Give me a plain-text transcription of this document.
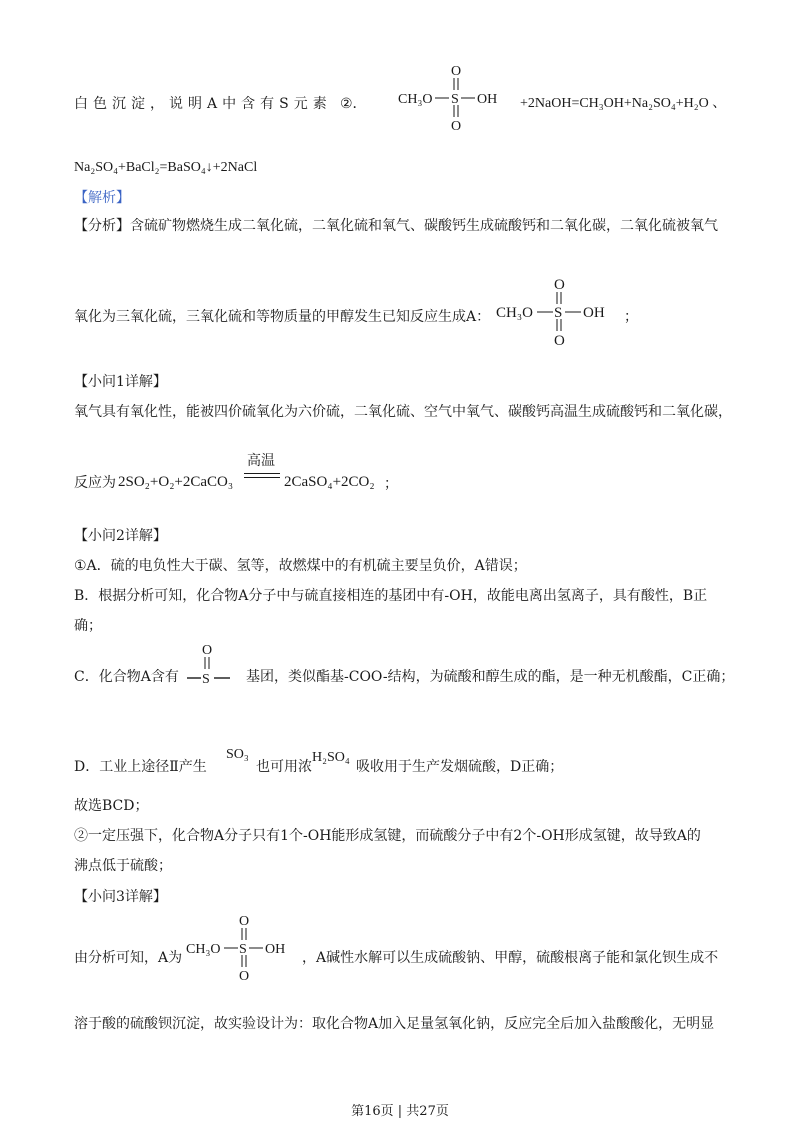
白色沉淀，说明A中含有S元素 ②． CH₃O S OH
O
O
+2NaOH=CH₃OH+Na₂SO₄+H₂O 、
Na₂SO₄+BaCl₂=BaSO₄↓+2NaCl
【解析】
【分析】含硫矿物燃烧生成二氧化硫，二氧化硫和氧气、碳酸钙生成硫酸钙和二氧化碳，二氧化硫被氧气
氧化为三氧化硫，三氧化硫和等物质量的甲醇发生已知反应生成A： CH₃O S OH
O
O
；
【小问1详解】
氧气具有氧化性，能被四价硫氧化为六价硫，二氧化硫、空气中氧气、碳酸钙高温生成硫酸钙和二氧化碳，
反应为 2SO₂+O₂+2CaCO₃
高温
2CaSO₄+2CO₂ ；
【小问2详解】
①A．硫的电负性大于碳、氢等，故燃煤中的有机硫主要呈负价，A错误；
B．根据分析可知，化合物A分子中与硫直接相连的基团中有-OH，故能电离出氢离子，具有酸性，B正
确；
C．化合物A含有
O
S	基团，类似酯基-COO-结构，为硫酸和醇生成的酯，是一种无机酸酯，C正确；
D．工业上途径Ⅱ产生
SO₃
也可用浓
H₂SO₄
吸收用于生产发烟硫酸，D正确；
故选BCD；
②一定压强下，化合物A分子只有1个-OH能形成氢键，而硫酸分子中有2个-OH形成氢键，故导致A的
沸点低于硫酸；
【小问3详解】
由分析可知，A为
CH₃O S OH
O
O
，A碱性水解可以生成硫酸钠、甲醇，硫酸根离子能和氯化钡生成不
溶于酸的硫酸钡沉淀，故实验设计为：取化合物A加入足量氢氧化钠，反应完全后加入盐酸酸化，无明显
第16页 | 共27页
